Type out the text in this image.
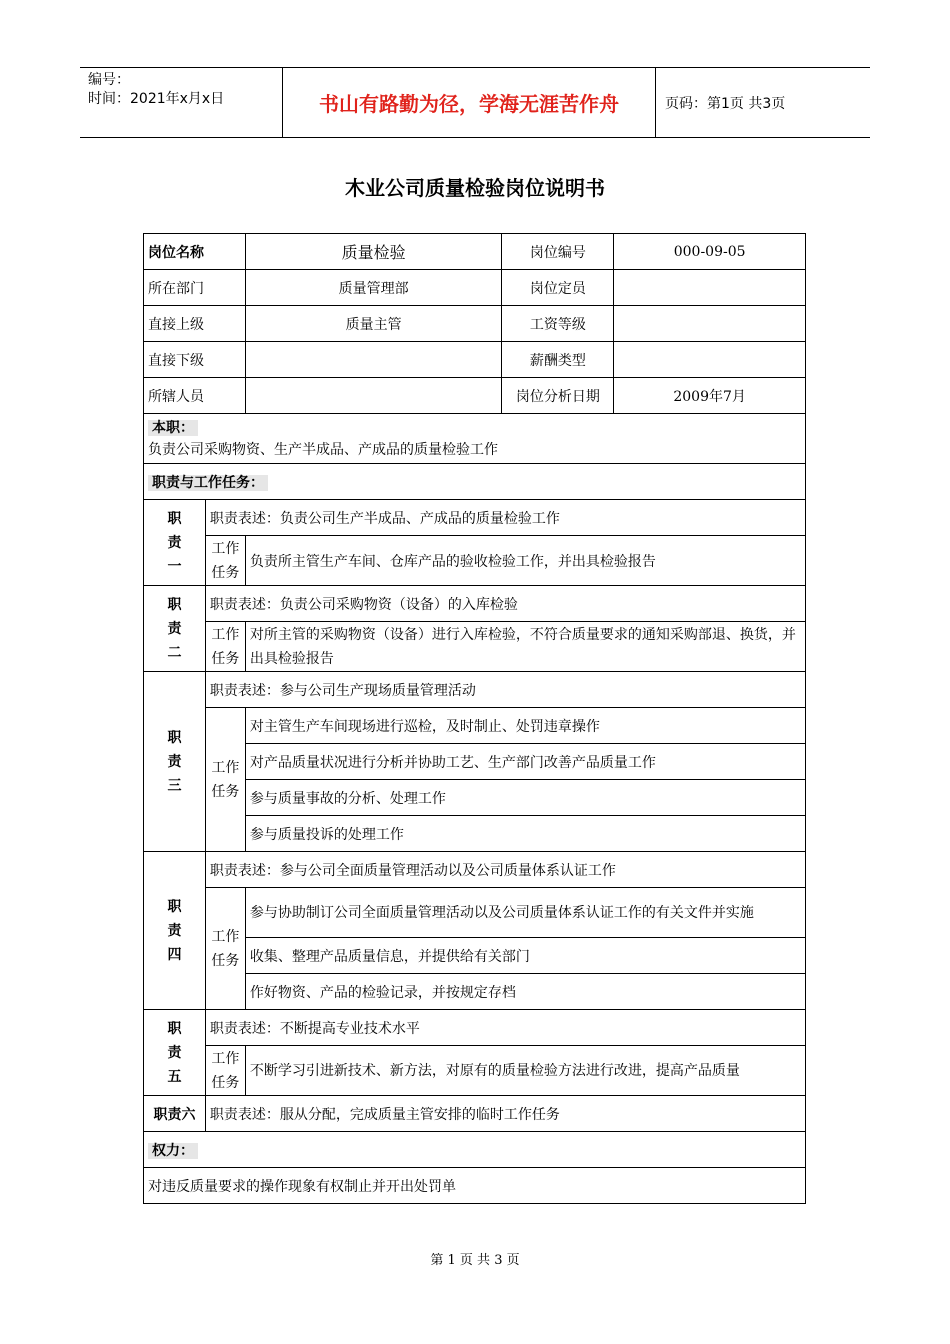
编号：
时间：2021年x月x日	书山有路勤为径，学海无涯苦作舟	页码：第1页 共3页
木业公司质量检验岗位说明书
岗位名称		质量检验	岗位编号	000-09-05
所在部门		质量管理部	岗位定员	
直接上级		质量主管	工资等级	
直接下级			薪酬类型	
所辖人员			岗位分析日期	2009年7月
本职：
负责公司采购物资、生产半成品、产成品的质量检验工作				
职责与工作任务：				
职
责
一	职责表述：负责公司生产半成品、产成品的质量检验工作			
	工作
任务	负责所主管生产车间、仓库产品的验收检验工作，并出具检验报告		
职
责
二	职责表述：负责公司采购物资（设备）的入库检验			
	工作
任务	对所主管的采购物资（设备）进行入库检验，不符合质量要求的通知采购部退、换货，并出具检验报告		
职
责
三	职责表述：参与公司生产现场质量管理活动			
	工作
任务	对主管生产车间现场进行巡检，及时制止、处罚违章操作		
		对产品质量状况进行分析并协助工艺、生产部门改善产品质量工作		
		参与质量事故的分析、处理工作		
		参与质量投诉的处理工作		
职
责
四	职责表述：参与公司全面质量管理活动以及公司质量体系认证工作			
	工作
任务	参与协助制订公司全面质量管理活动以及公司质量体系认证工作的有关文件并实施		
		收集、整理产品质量信息，并提供给有关部门		
		作好物资、产品的检验记录，并按规定存档		
职
责
五	职责表述：不断提高专业技术水平			
	工作
任务	不断学习引进新技术、新方法，对原有的质量检验方法进行改进，提高产品质量		
职责六	职责表述：服从分配，完成质量主管安排的临时工作任务			
权力：				
对违反质量要求的操作现象有权制止并开出处罚单				
第 1 页 共 3 页
